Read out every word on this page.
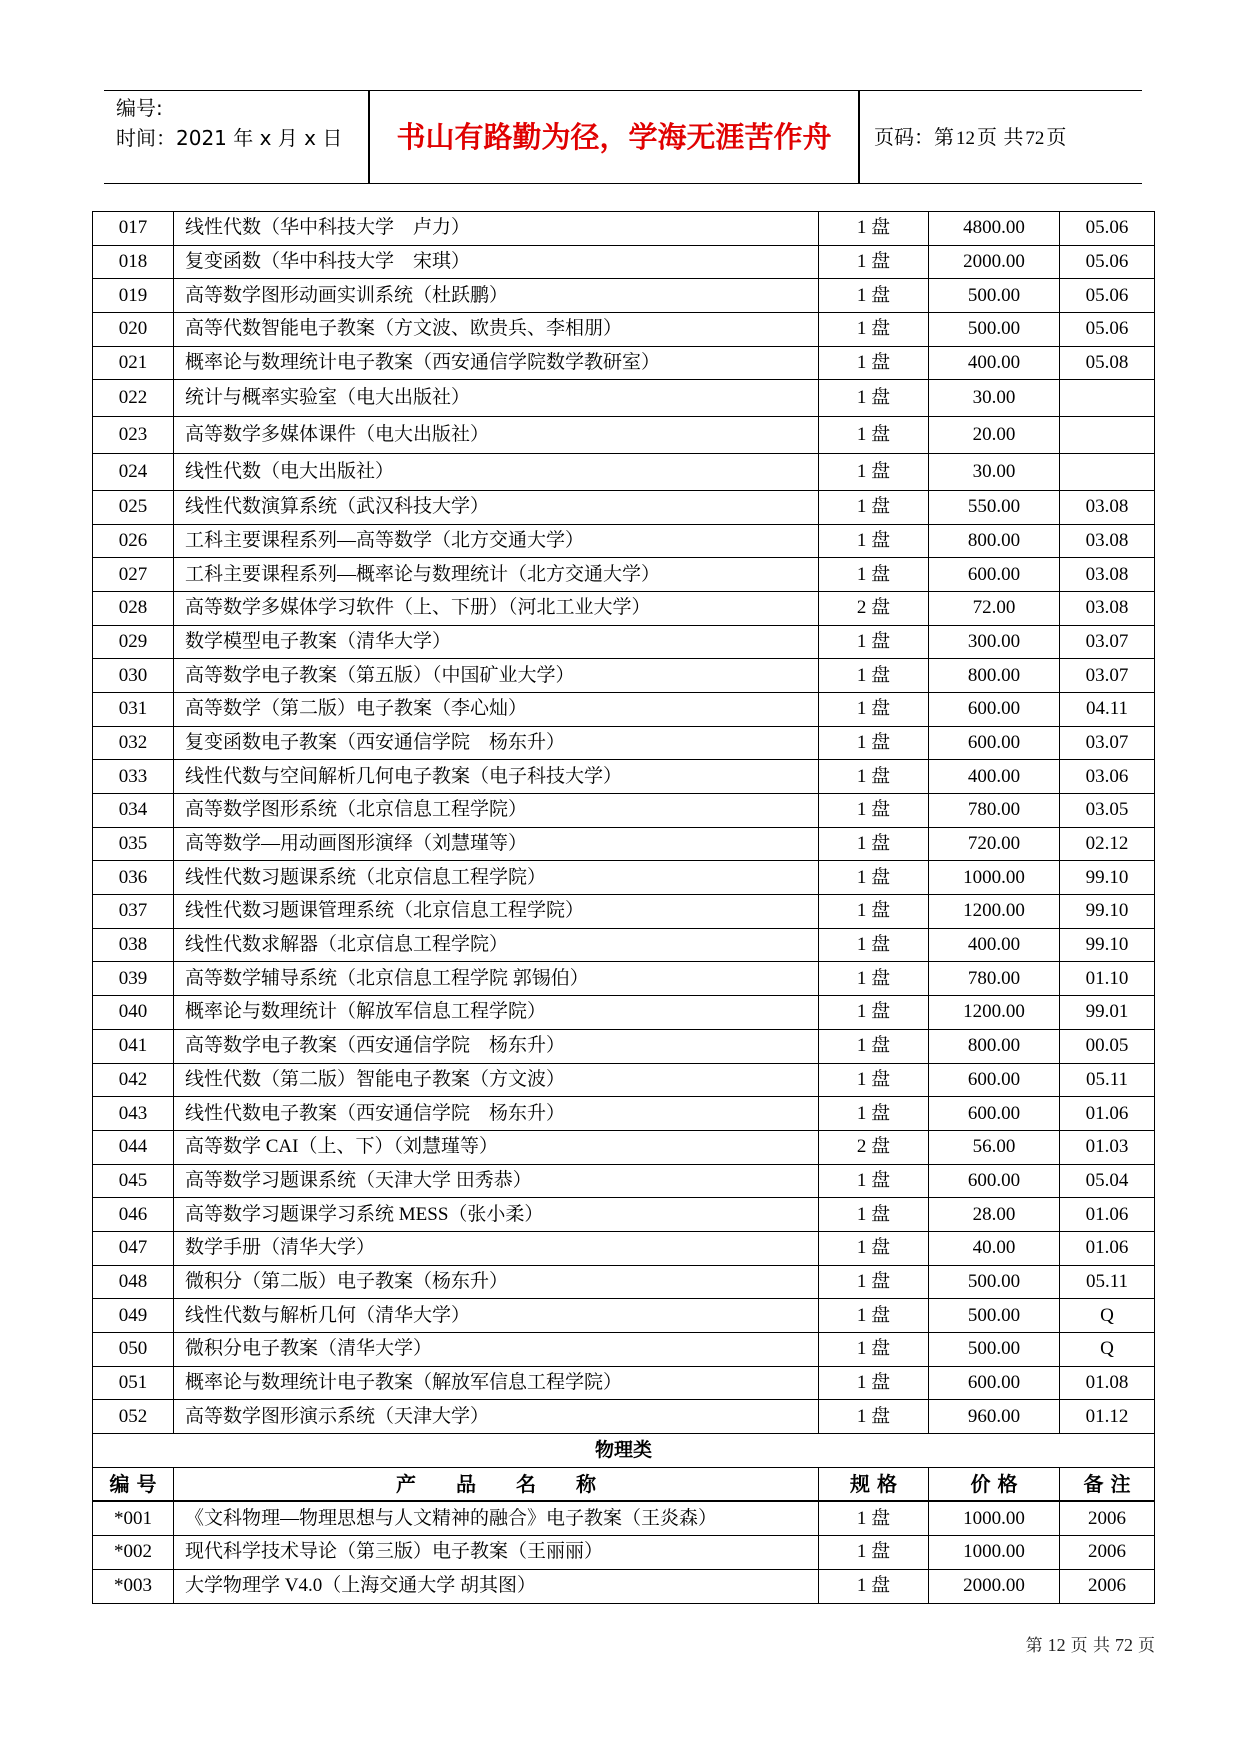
编号:
时间：2021 年 x 月 x 日	书山有路勤为径，学海无涯苦作舟	页码：第 12 页 共 72 页
017	线性代数（华中科技大学　卢力）	1 盘	4800.00	05.06
018	复变函数（华中科技大学　宋琪）	1 盘	2000.00	05.06
019	高等数学图形动画实训系统（杜跃鹏）	1 盘	500.00	05.06
020	高等代数智能电子教案（方文波、欧贵兵、李相朋）	1 盘	500.00	05.06
021	概率论与数理统计电子教案（西安通信学院数学教研室）	1 盘	400.00	05.08
022	统计与概率实验室（电大出版社）	1 盘	30.00	
023	高等数学多媒体课件（电大出版社）	1 盘	20.00	
024	线性代数（电大出版社）	1 盘	30.00	
025	线性代数演算系统（武汉科技大学）	1 盘	550.00	03.08
026	工科主要课程系列—高等数学（北方交通大学）	1 盘	800.00	03.08
027	工科主要课程系列—概率论与数理统计（北方交通大学）	1 盘	600.00	03.08
028	高等数学多媒体学习软件（上、下册）（河北工业大学）	2 盘	72.00	03.08
029	数学模型电子教案（清华大学）	1 盘	300.00	03.07
030	高等数学电子教案（第五版）（中国矿业大学）	1 盘	800.00	03.07
031	高等数学（第二版）电子教案（李心灿）	1 盘	600.00	04.11
032	复变函数电子教案（西安通信学院　杨东升）	1 盘	600.00	03.07
033	线性代数与空间解析几何电子教案（电子科技大学）	1 盘	400.00	03.06
034	高等数学图形系统（北京信息工程学院）	1 盘	780.00	03.05
035	高等数学—用动画图形演绎（刘慧瑾等）	1 盘	720.00	02.12
036	线性代数习题课系统（北京信息工程学院）	1 盘	1000.00	99.10
037	线性代数习题课管理系统（北京信息工程学院）	1 盘	1200.00	99.10
038	线性代数求解器（北京信息工程学院）	1 盘	400.00	99.10
039	高等数学辅导系统（北京信息工程学院 郭锡伯）	1 盘	780.00	01.10
040	概率论与数理统计（解放军信息工程学院）	1 盘	1200.00	99.01
041	高等数学电子教案（西安通信学院　杨东升）	1 盘	800.00	00.05
042	线性代数（第二版）智能电子教案（方文波）	1 盘	600.00	05.11
043	线性代数电子教案（西安通信学院　杨东升）	1 盘	600.00	01.06
044	高等数学 CAI（上、下）（刘慧瑾等）	2 盘	56.00	01.03
045	高等数学习题课系统（天津大学 田秀恭）	1 盘	600.00	05.04
046	高等数学习题课学习系统 MESS（张小柔）	1 盘	28.00	01.06
047	数学手册（清华大学）	1 盘	40.00	01.06
048	微积分（第二版）电子教案（杨东升）	1 盘	500.00	05.11
049	线性代数与解析几何（清华大学）	1 盘	500.00	Q
050	微积分电子教案（清华大学）	1 盘	500.00	Q
051	概率论与数理统计电子教案（解放军信息工程学院）	1 盘	600.00	01.08
052	高等数学图形演示系统（天津大学）	1 盘	960.00	01.12
物理类				
编 号	产　　品　　名　　称	规 格	价 格	备 注
*001	《文科物理—物理思想与人文精神的融合》电子教案（王炎森）	1 盘	1000.00	2006
*002	现代科学技术导论（第三版）电子教案（王丽丽）	1 盘	1000.00	2006
*003	大学物理学 V4.0（上海交通大学 胡其图）	1 盘	2000.00	2006
第 12 页 共 72 页
